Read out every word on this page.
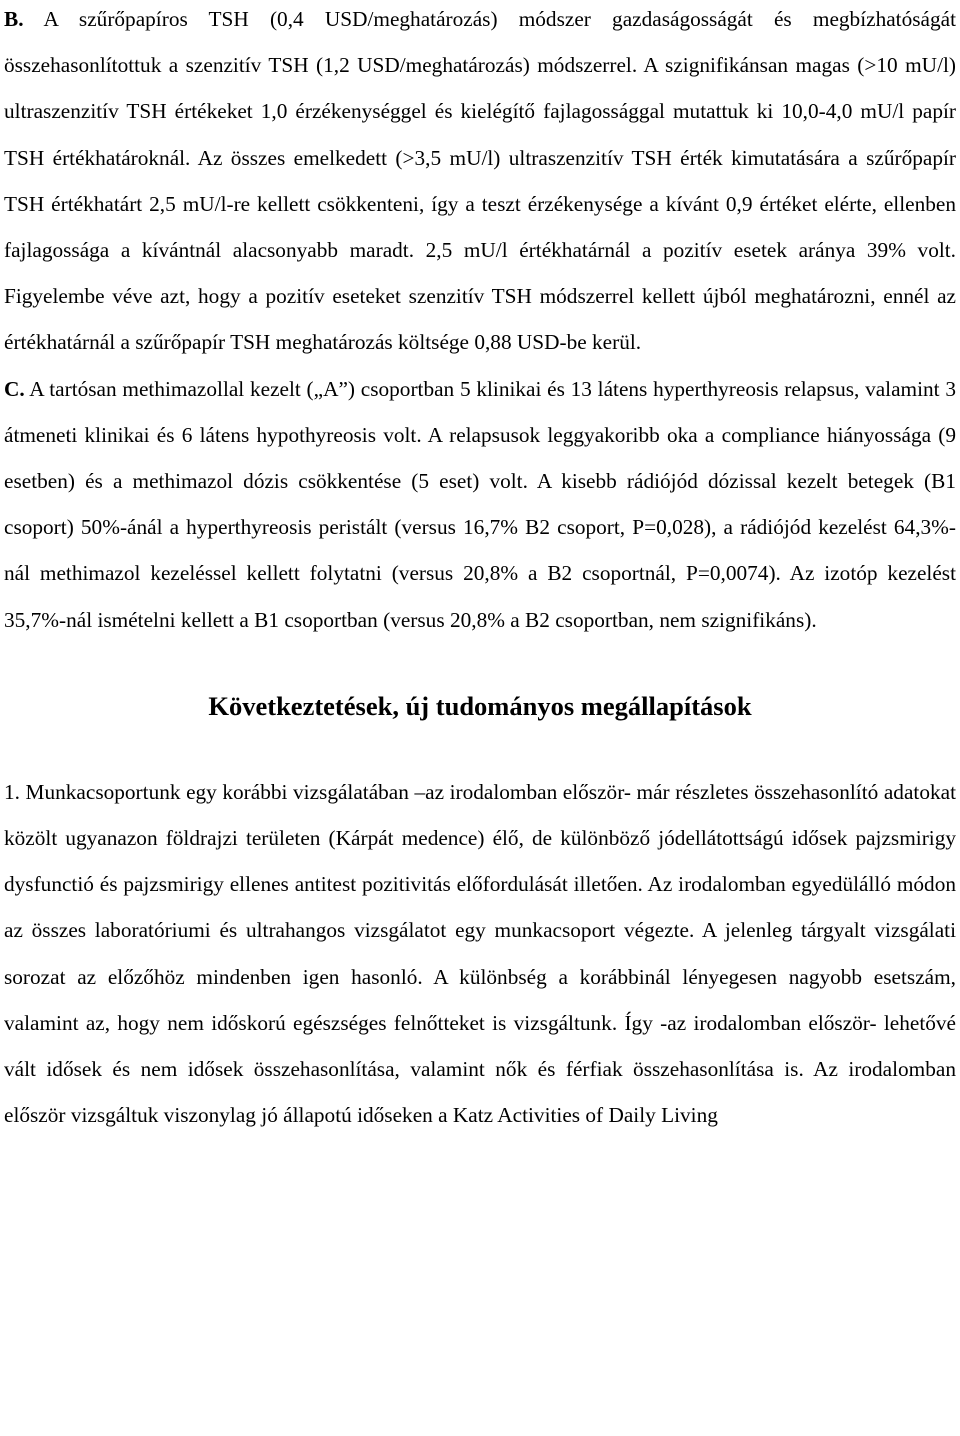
B. A szűrőpapíros TSH (0,4 USD/meghatározás) módszer gazdaságosságát és megbízhatóságát összehasonlítottuk a szenzitív TSH (1,2 USD/meghatározás) módszerrel. A szignifikánsan magas (>10 mU/l) ultraszenzitív TSH értékeket 1,0 érzékenységgel és kielégítő fajlagossággal mutattuk ki 10,0-4,0 mU/l papír TSH értékhatároknál. Az összes emelkedett (>3,5 mU/l) ultraszenzitív TSH érték kimutatására a szűrőpapír TSH értékhatárt 2,5 mU/l-re kellett csökkenteni, így a teszt érzékenysége a kívánt 0,9 értéket elérte, ellenben fajlagossága a kívántnál alacsonyabb maradt. 2,5 mU/l értékhatárnál a pozitív esetek aránya 39% volt. Figyelembe véve azt, hogy a pozitív eseteket szenzitív TSH módszerrel kellett újból meghatározni, ennél az értékhatárnál a szűrőpapír TSH meghatározás költsége 0,88 USD-be kerül.

C. A tartósan methimazollal kezelt („A”) csoportban 5 klinikai és 13 látens hyperthyreosis relapsus, valamint 3 átmeneti klinikai és 6 látens hypothyreosis volt. A relapsusok leggyakoribb oka a compliance hiányossága (9 esetben) és a methimazol dózis csökkentése (5 eset) volt. A kisebb rádiójód dózissal kezelt betegek (B1 csoport) 50%-ánál a hyperthyreosis peristált (versus 16,7% B2 csoport, P=0,028), a rádiójód kezelést 64,3%-nál methimazol kezeléssel kellett folytatni (versus 20,8% a B2 csoportnál, P=0,0074). Az izotóp kezelést 35,7%-nál ismételni kellett a B1 csoportban (versus 20,8% a B2 csoportban, nem szignifikáns).

Következtetések, új tudományos megállapítások

1. Munkacsoportunk egy korábbi vizsgálatában –az irodalomban először- már részletes összehasonlító adatokat közölt ugyanazon földrajzi területen (Kárpát medence) élő, de különböző jódellátottságú idősek pajzsmirigy dysfunctió és pajzsmirigy ellenes antitest pozitivitás előfordulását illetően. Az irodalomban egyedülálló módon az összes laboratóriumi és ultrahangos vizsgálatot egy munkacsoport végezte. A jelenleg tárgyalt vizsgálati sorozat az előzőhöz mindenben igen hasonló. A különbség a korábbinál lényegesen nagyobb esetszám, valamint az, hogy nem időskorú egészséges felnőtteket is vizsgáltunk. Így -az irodalomban először- lehetővé vált idősek és nem idősek összehasonlítása, valamint nők és férfiak összehasonlítása is. Az irodalomban először vizsgáltuk viszonylag jó állapotú időseken a Katz Activities of Daily Living
